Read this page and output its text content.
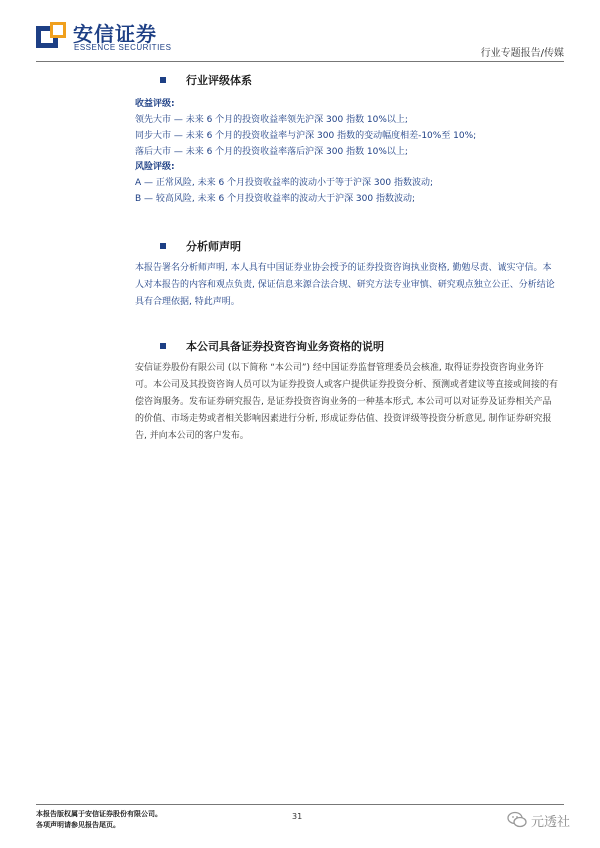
安信证券
ESSENCE SECURITIES
行业专题报告/传媒
行业评级体系
收益评级:
领先大市 — 未来 6 个月的投资收益率领先沪深 300 指数 10%以上;
同步大市 — 未来 6 个月的投资收益率与沪深 300 指数的变动幅度相差-10%至 10%;
落后大市 — 未来 6 个月的投资收益率落后沪深 300 指数 10%以上;
风险评级:
A — 正常风险, 未来 6 个月投资收益率的波动小于等于沪深 300 指数波动;
B — 较高风险, 未来 6 个月投资收益率的波动大于沪深 300 指数波动;
分析师声明
本报告署名分析师声明, 本人具有中国证券业协会授予的证券投资咨询执业资格, 勤勉尽责、诚实守信。本人对本报告的内容和观点负责, 保证信息来源合法合规、研究方法专业审慎、研究观点独立公正、分析结论具有合理依据, 特此声明。
本公司具备证券投资咨询业务资格的说明
安信证券股份有限公司 (以下简称 “本公司”) 经中国证券监督管理委员会核准, 取得证券投资咨询业务许可。本公司及其投资咨询人员可以为证券投资人或客户提供证券投资分析、预测或者建议等直接或间接的有偿咨询服务。发布证券研究报告, 是证券投资咨询业务的一种基本形式, 本公司可以对证券及证券相关产品的价值、市场走势或者相关影响因素进行分析, 形成证券估值、投资评级等投资分析意见, 制作证券研究报告, 并向本公司的客户发布。
本报告版权属于安信证券股份有限公司。
各项声明请参见报告尾页。
31	元透社
